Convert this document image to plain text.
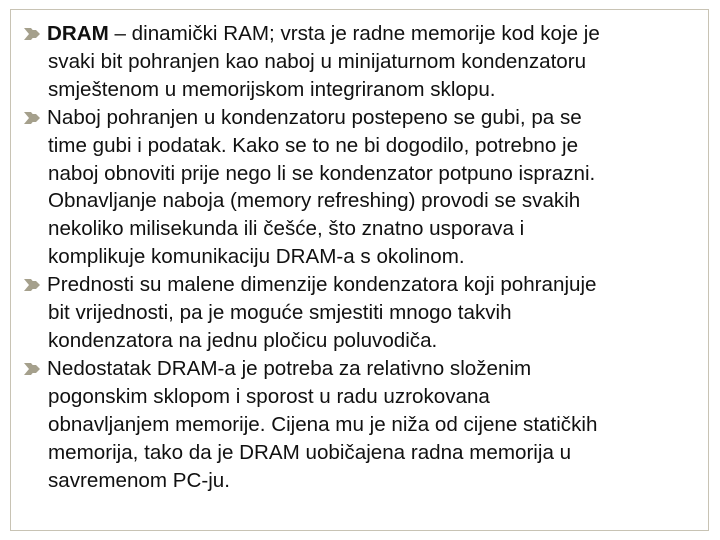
DRAM – dinamički RAM; vrsta je radne memorije kod koje je
svaki bit pohranjen kao naboj u minijaturnom kondenzatoru
smještenom u memorijskom integriranom sklopu.
Naboj pohranjen u kondenzatoru postepeno se gubi, pa se
time gubi i podatak. Kako se to ne bi dogodilo, potrebno je
naboj obnoviti prije nego li se kondenzator potpuno isprazni.
Obnavljanje naboja (memory refreshing) provodi se svakih
nekoliko milisekunda ili češće, što znatno usporava i
komplikuje komunikaciju DRAM-a s okolinom.
Prednosti su malene dimenzije kondenzatora koji pohranjuje
bit vrijednosti, pa je moguće smjestiti mnogo takvih
kondenzatora na jednu pločicu poluvodiča.
Nedostatak DRAM-a je potreba za relativno složenim
pogonskim sklopom i sporost u radu uzrokovana
obnavljanjem memorije. Cijena mu je niža od cijene statičkih
memorija, tako da je DRAM uobičajena radna memorija u
savremenom PC-ju.
